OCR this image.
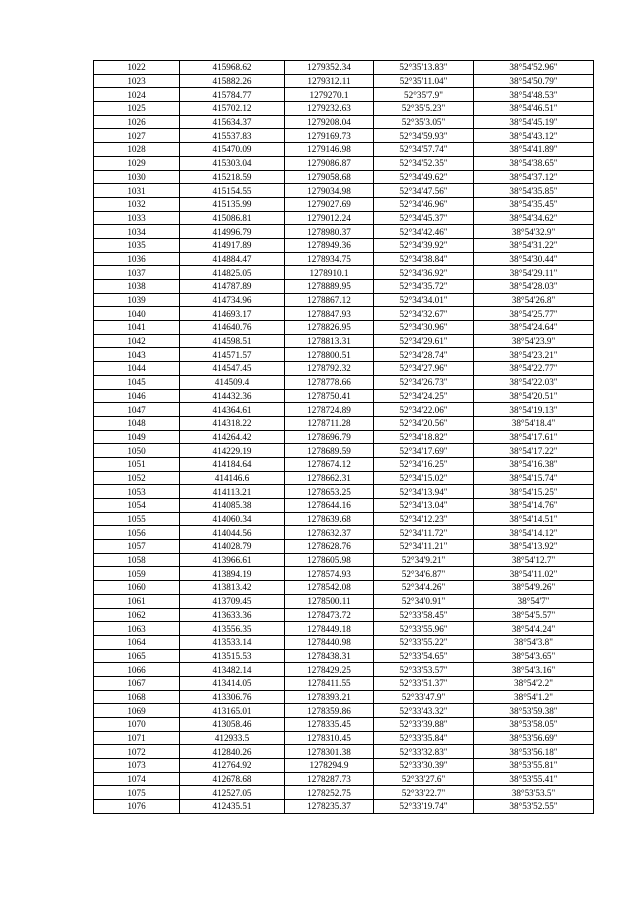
1022	415968.62	1279352.34	52°35'13.83"	38°54'52.96"
1023	415882.26	1279312.11	52°35'11.04"	38°54'50.79"
1024	415784.77	1279270.1	52°35'7.9"	38°54'48.53"
1025	415702.12	1279232.63	52°35'5.23"	38°54'46.51"
1026	415634.37	1279208.04	52°35'3.05"	38°54'45.19"
1027	415537.83	1279169.73	52°34'59.93"	38°54'43.12"
1028	415470.09	1279146.98	52°34'57.74"	38°54'41.89"
1029	415303.04	1279086.87	52°34'52.35"	38°54'38.65"
1030	415218.59	1279058.68	52°34'49.62"	38°54'37.12"
1031	415154.55	1279034.98	52°34'47.56"	38°54'35.85"
1032	415135.99	1279027.69	52°34'46.96"	38°54'35.45"
1033	415086.81	1279012.24	52°34'45.37"	38°54'34.62"
1034	414996.79	1278980.37	52°34'42.46"	38°54'32.9"
1035	414917.89	1278949.36	52°34'39.92"	38°54'31.22"
1036	414884.47	1278934.75	52°34'38.84"	38°54'30.44"
1037	414825.05	1278910.1	52°34'36.92"	38°54'29.11"
1038	414787.89	1278889.95	52°34'35.72"	38°54'28.03"
1039	414734.96	1278867.12	52°34'34.01"	38°54'26.8"
1040	414693.17	1278847.93	52°34'32.67"	38°54'25.77"
1041	414640.76	1278826.95	52°34'30.96"	38°54'24.64"
1042	414598.51	1278813.31	52°34'29.61"	38°54'23.9"
1043	414571.57	1278800.51	52°34'28.74"	38°54'23.21"
1044	414547.45	1278792.32	52°34'27.96"	38°54'22.77"
1045	414509.4	1278778.66	52°34'26.73"	38°54'22.03"
1046	414432.36	1278750.41	52°34'24.25"	38°54'20.51"
1047	414364.61	1278724.89	52°34'22.06"	38°54'19.13"
1048	414318.22	1278711.28	52°34'20.56"	38°54'18.4"
1049	414264.42	1278696.79	52°34'18.82"	38°54'17.61"
1050	414229.19	1278689.59	52°34'17.69"	38°54'17.22"
1051	414184.64	1278674.12	52°34'16.25"	38°54'16.38"
1052	414146.6	1278662.31	52°34'15.02"	38°54'15.74"
1053	414113.21	1278653.25	52°34'13.94"	38°54'15.25"
1054	414085.38	1278644.16	52°34'13.04"	38°54'14.76"
1055	414060.34	1278639.68	52°34'12.23"	38°54'14.51"
1056	414044.56	1278632.37	52°34'11.72"	38°54'14.12"
1057	414028.79	1278628.76	52°34'11.21"	38°54'13.92"
1058	413966.61	1278605.98	52°34'9.21"	38°54'12.7"
1059	413894.19	1278574.93	52°34'6.87"	38°54'11.02"
1060	413813.42	1278542.08	52°34'4.26"	38°54'9.26"
1061	413709.45	1278500.11	52°34'0.91"	38°54'7"
1062	413633.36	1278473.72	52°33'58.45"	38°54'5.57"
1063	413556.35	1278449.18	52°33'55.96"	38°54'4.24"
1064	413533.14	1278440.98	52°33'55.22"	38°54'3.8"
1065	413515.53	1278438.31	52°33'54.65"	38°54'3.65"
1066	413482.14	1278429.25	52°33'53.57"	38°54'3.16"
1067	413414.05	1278411.55	52°33'51.37"	38°54'2.2"
1068	413306.76	1278393.21	52°33'47.9"	38°54'1.2"
1069	413165.01	1278359.86	52°33'43.32"	38°53'59.38"
1070	413058.46	1278335.45	52°33'39.88"	38°53'58.05"
1071	412933.5	1278310.45	52°33'35.84"	38°53'56.69"
1072	412840.26	1278301.38	52°33'32.83"	38°53'56.18"
1073	412764.92	1278294.9	52°33'30.39"	38°53'55.81"
1074	412678.68	1278287.73	52°33'27.6"	38°53'55.41"
1075	412527.05	1278252.75	52°33'22.7"	38°53'53.5"
1076	412435.51	1278235.37	52°33'19.74"	38°53'52.55"
